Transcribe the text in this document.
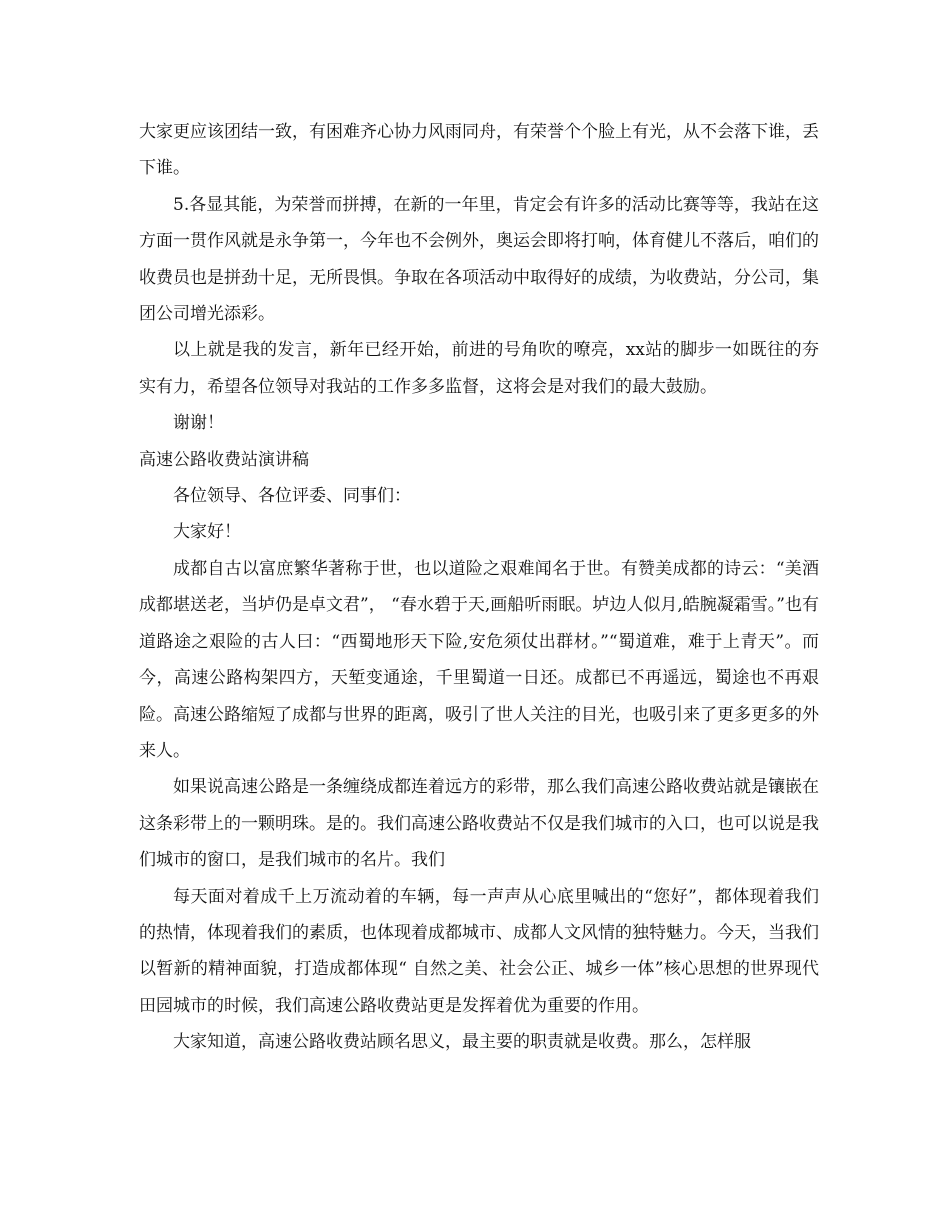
大家更应该团结一致，有困难齐心协力风雨同舟，有荣誉个个脸上有光，从不会落下谁，丢下谁。

5.各显其能，为荣誉而拼搏，在新的一年里，肯定会有许多的活动比赛等等，我站在这方面一贯作风就是永争第一，今年也不会例外，奥运会即将打响，体育健儿不落后，咱们的收费员也是拼劲十足，无所畏惧。争取在各项活动中取得好的成绩，为收费站，分公司，集团公司增光添彩。

以上就是我的发言，新年已经开始，前进的号角吹的嘹亮，xx站的脚步一如既往的夯实有力，希望各位领导对我站的工作多多监督，这将会是对我们的最大鼓励。

谢谢！

高速公路收费站演讲稿

各位领导、各位评委、同事们：

大家好！

成都自古以富庶繁华著称于世，也以道险之艰难闻名于世。有赞美成都的诗云：“美酒成都堪送老，当垆仍是卓文君”， “春水碧于天,画船听雨眠。垆边人似月,皓腕凝霜雪。”也有道路途之艰险的古人曰：“西蜀地形天下险,安危须仗出群材。”“蜀道难，难于上青天”。而今，高速公路构架四方，天堑变通途，千里蜀道一日还。成都已不再遥远，蜀途也不再艰险。高速公路缩短了成都与世界的距离，吸引了世人关注的目光，也吸引来了更多更多的外来人。

如果说高速公路是一条缠绕成都连着远方的彩带，那么我们高速公路收费站就是镶嵌在这条彩带上的一颗明珠。是的。我们高速公路收费站不仅是我们城市的入口，也可以说是我们城市的窗口，是我们城市的名片。我们

每天面对着成千上万流动着的车辆，每一声声从心底里喊出的“您好”，都体现着我们的热情，体现着我们的素质，也体现着成都城市、成都人文风情的独特魅力。今天，当我们以暂新的精神面貌，打造成都体现“ 自然之美、社会公正、城乡一体”核心思想的世界现代田园城市的时候，我们高速公路收费站更是发挥着优为重要的作用。

大家知道，高速公路收费站顾名思义，最主要的职责就是收费。那么，怎样服
